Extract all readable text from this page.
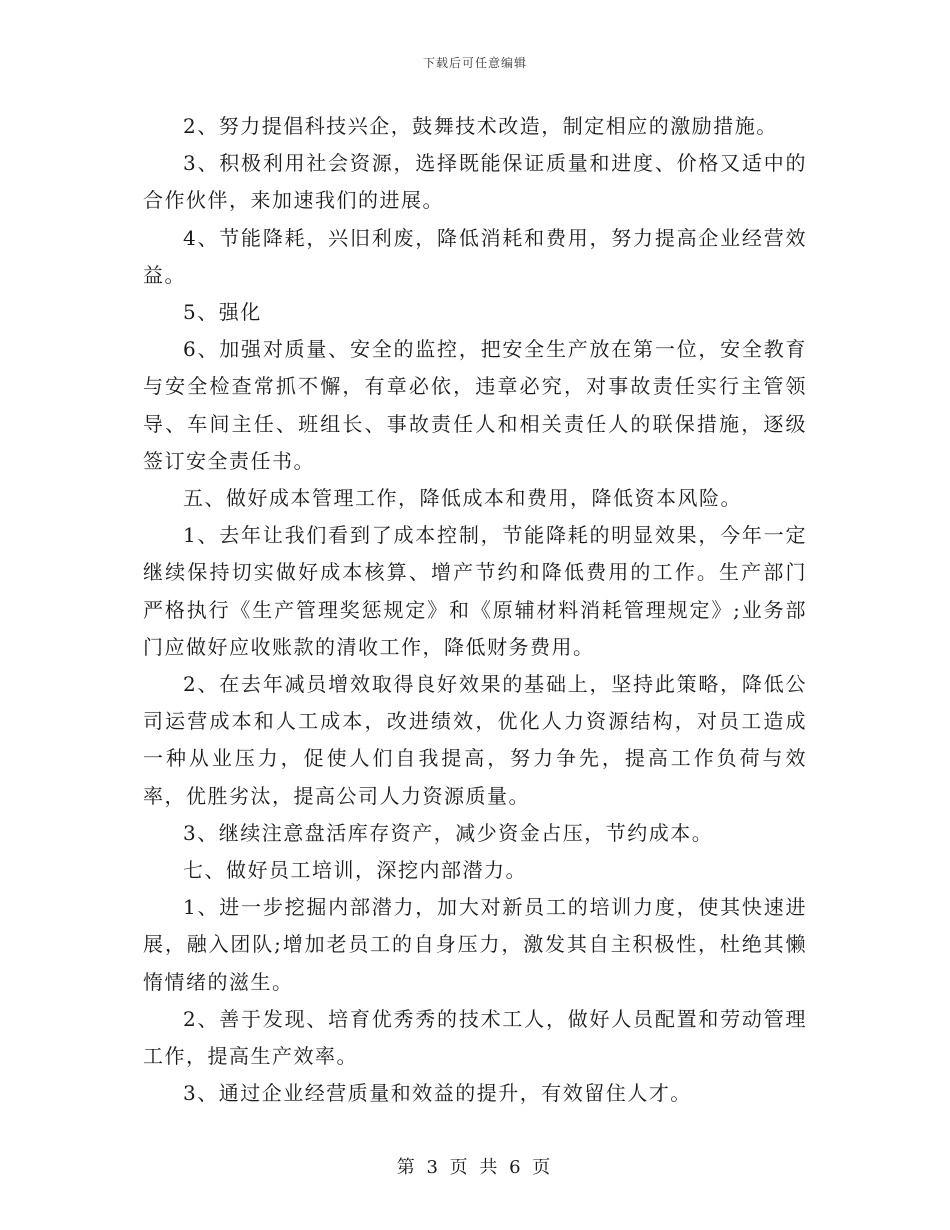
下载后可任意编辑

2、努力提倡科技兴企，鼓舞技术改造，制定相应的激励措施。

3、积极利用社会资源，选择既能保证质量和进度、价格又适中的合作伙伴，来加速我们的进展。

4、节能降耗，兴旧利废，降低消耗和费用，努力提高企业经营效益。

5、强化

6、加强对质量、安全的监控，把安全生产放在第一位，安全教育与安全检查常抓不懈，有章必依，违章必究，对事故责任实行主管领导、车间主任、班组长、事故责任人和相关责任人的联保措施，逐级签订安全责任书。

五、做好成本管理工作，降低成本和费用，降低资本风险。

1、去年让我们看到了成本控制，节能降耗的明显效果，今年一定继续保持切实做好成本核算、增产节约和降低费用的工作。生产部门严格执行《生产管理奖惩规定》和《原辅材料消耗管理规定》;业务部门应做好应收账款的清收工作，降低财务费用。

2、在去年减员增效取得良好效果的基础上，坚持此策略，降低公司运营成本和人工成本，改进绩效，优化人力资源结构，对员工造成一种从业压力，促使人们自我提高，努力争先，提高工作负荷与效率，优胜劣汰，提高公司人力资源质量。

3、继续注意盘活库存资产，减少资金占压，节约成本。

七、做好员工培训，深挖内部潜力。

1、进一步挖掘内部潜力，加大对新员工的培训力度，使其快速进展，融入团队;增加老员工的自身压力，激发其自主积极性，杜绝其懒惰情绪的滋生。

2、善于发现、培育优秀秀的技术工人，做好人员配置和劳动管理工作，提高生产效率。

3、通过企业经营质量和效益的提升，有效留住人才。

第 3 页 共 6 页
